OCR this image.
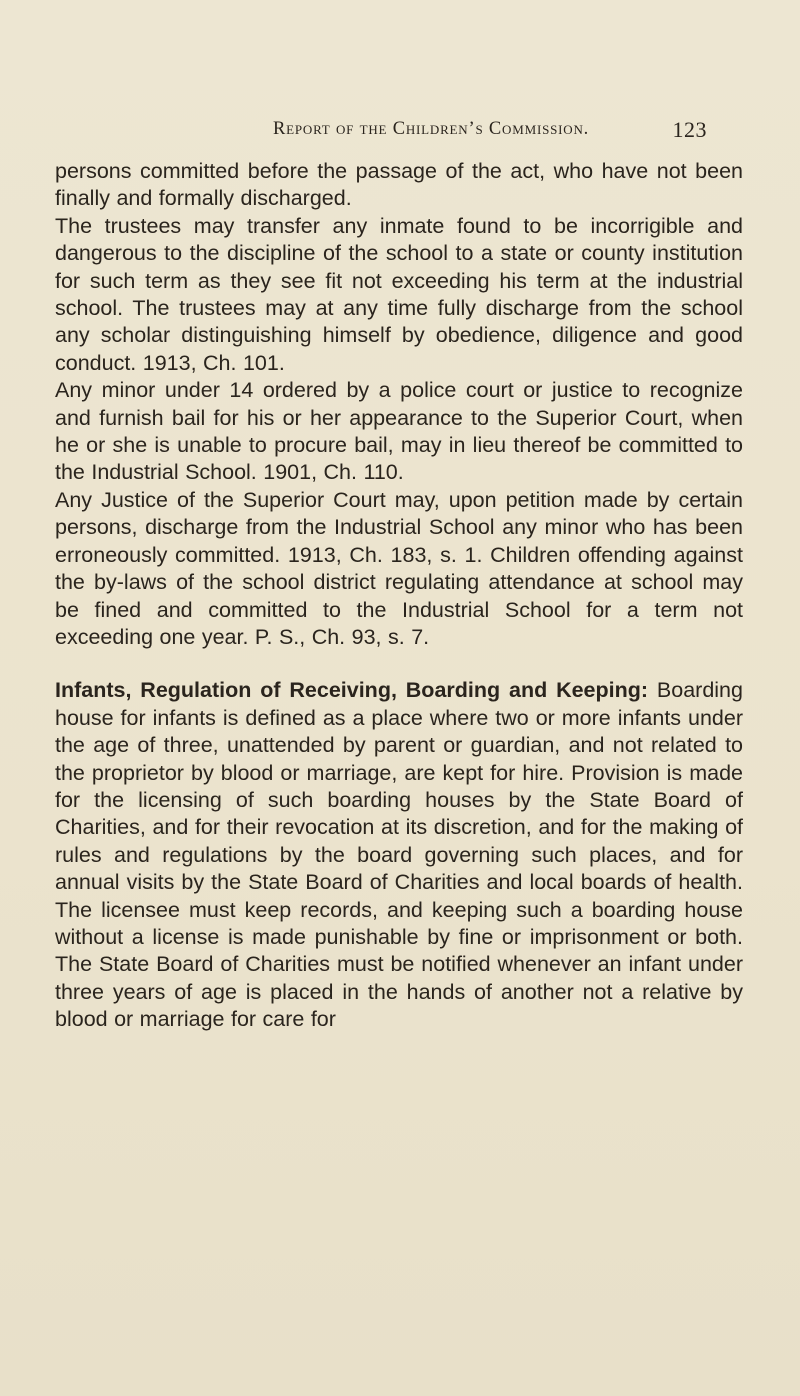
Report of the Children’s Commission.	123

persons committed before the passage of the act, who have not been finally and formally discharged.

The trustees may transfer any inmate found to be incorrigible and dangerous to the discipline of the school to a state or county institution for such term as they see fit not exceeding his term at the industrial school. The trustees may at any time fully discharge from the school any scholar distinguishing himself by obedience, diligence and good conduct. 1913, Ch. 101.

Any minor under 14 ordered by a police court or justice to recognize and furnish bail for his or her appearance to the Superior Court, when he or she is unable to procure bail, may in lieu thereof be committed to the Industrial School. 1901, Ch. 110.

Any Justice of the Superior Court may, upon petition made by certain persons, discharge from the Industrial School any minor who has been erroneously committed. 1913, Ch. 183, s. 1. Children offending against the by-laws of the school district regulating attendance at school may be fined and committed to the Industrial School for a term not exceeding one year. P. S., Ch. 93, s. 7.

Infants, Regulation of Receiving, Boarding and Keeping: Boarding house for infants is defined as a place where two or more infants under the age of three, unattended by parent or guardian, and not related to the proprietor by blood or marriage, are kept for hire. Provision is made for the licensing of such boarding houses by the State Board of Charities, and for their revocation at its discretion, and for the making of rules and regulations by the board governing such places, and for annual visits by the State Board of Charities and local boards of health. The licensee must keep records, and keeping such a boarding house without a license is made punishable by fine or imprisonment or both. The State Board of Charities must be notified whenever an infant under three years of age is placed in the hands of another not a relative by blood or marriage for care for
